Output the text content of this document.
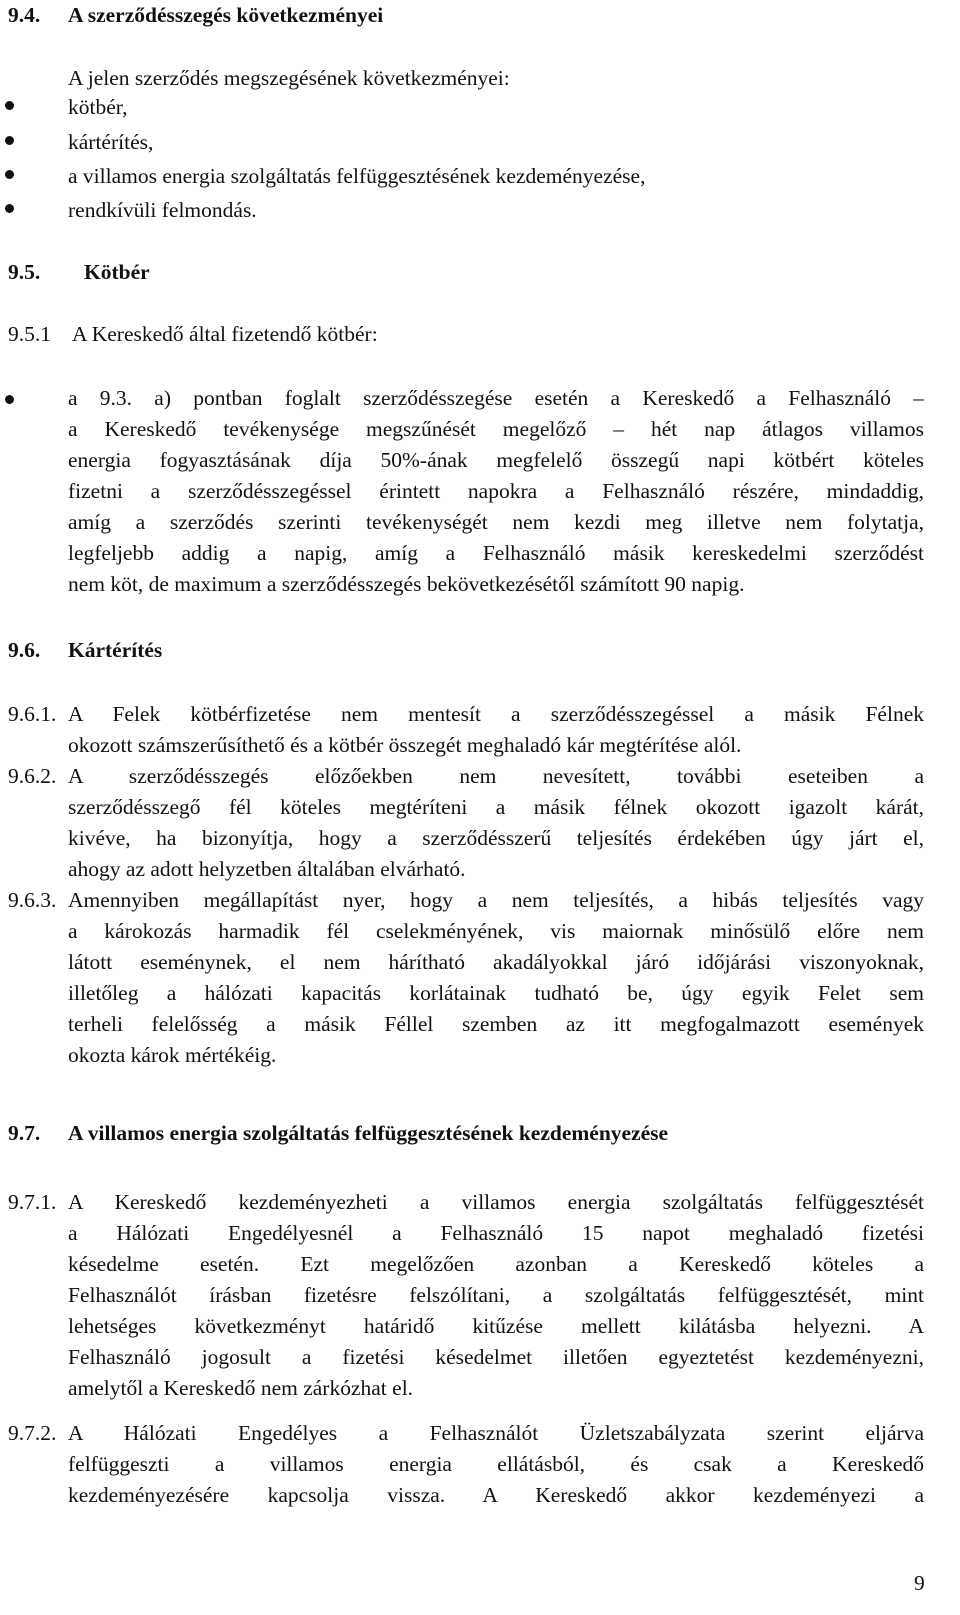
9.4. A szerződésszegés következményei
A jelen szerződés megszegésének következményei:
kötbér,
kártérítés,
a villamos energia szolgáltatás felfüggesztésének kezdeményezése,
rendkívüli felmondás.
9.5. Kötbér
9.5.1 A Kereskedő által fizetendő kötbér:
a 9.3. a) pontban foglalt szerződésszegése esetén a Kereskedő a Felhasználó –
a Kereskedő tevékenysége megszűnését megelőző – hét nap átlagos villamos
energia fogyasztásának díja 50%-ának megfelelő összegű napi kötbért köteles
fizetni a szerződésszegéssel érintett napokra a Felhasználó részére, mindaddig,
amíg a szerződés szerinti tevékenységét nem kezdi meg illetve nem folytatja,
legfeljebb addig a napig, amíg a Felhasználó másik kereskedelmi szerződést
nem köt, de maximum a szerződésszegés bekövetkezésétől számított 90 napig.
9.6. Kártérítés
9.6.1. A Felek kötbérfizetése nem mentesít a szerződésszegéssel a másik Félnek
okozott számszerűsíthető és a kötbér összegét meghaladó kár megtérítése alól.
9.6.2. A szerződésszegés előzőekben nem nevesített, további eseteiben a
szerződésszegő fél köteles megtéríteni a másik félnek okozott igazolt kárát,
kivéve, ha bizonyítja, hogy a szerződésszerű teljesítés érdekében úgy járt el,
ahogy az adott helyzetben általában elvárható.
9.6.3. Amennyiben megállapítást nyer, hogy a nem teljesítés, a hibás teljesítés vagy
a károkozás harmadik fél cselekményének, vis maiornak minősülő előre nem
látott eseménynek, el nem hárítható akadályokkal járó időjárási viszonyoknak,
illetőleg a hálózati kapacitás korlátainak tudható be, úgy egyik Felet sem
terheli felelősség a másik Féllel szemben az itt megfogalmazott események
okozta károk mértékéig.
9.7. A villamos energia szolgáltatás felfüggesztésének kezdeményezése
9.7.1. A Kereskedő kezdeményezheti a villamos energia szolgáltatás felfüggesztését
a Hálózati Engedélyesnél a Felhasználó 15 napot meghaladó fizetési
késedelme esetén. Ezt megelőzően azonban a Kereskedő köteles a
Felhasználót írásban fizetésre felszólítani, a szolgáltatás felfüggesztését, mint
lehetséges következményt határidő kitűzése mellett kilátásba helyezni. A
Felhasználó jogosult a fizetési késedelmet illetően egyeztetést kezdeményezni,
amelytől a Kereskedő nem zárkózhat el.
9.7.2. A Hálózati Engedélyes a Felhasználót Üzletszabályzata szerint eljárva
felfüggeszti a villamos energia ellátásból, és csak a Kereskedő
kezdeményezésére kapcsolja vissza. A Kereskedő akkor kezdeményezi a
9
